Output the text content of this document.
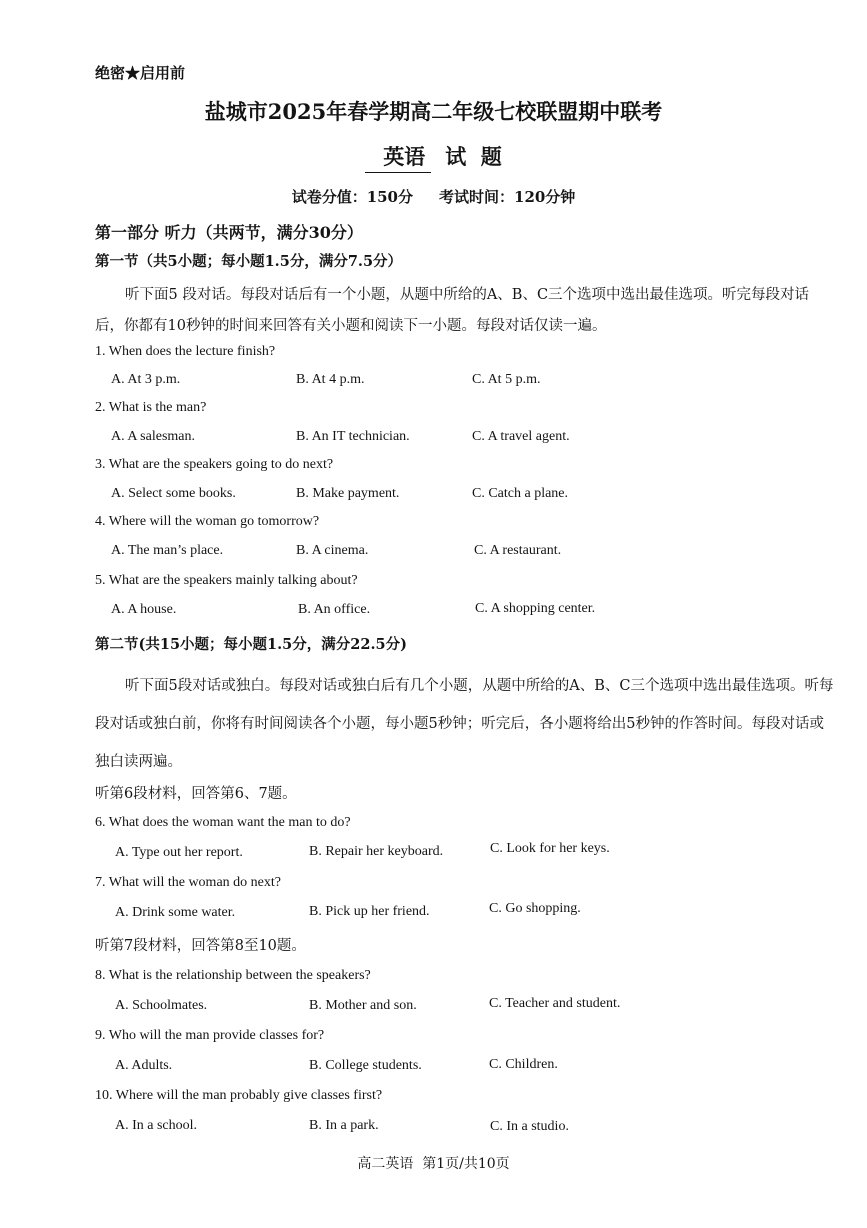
绝密★启用前
盐城市2025年春学期高二年级七校联盟期中联考
英语 试  题
试卷分值：150分 考试时间：120分钟
第一部分 听力（共两节，满分30分）
第一节（共5小题；每小题1.5分，满分7.5分）
听下面5 段对话。每段对话后有一个小题，从题中所给的A、B、C三个选项中选出最佳选项。听完每段对话后，你都有10秒钟的时间来回答有关小题和阅读下一小题。每段对话仅读一遍。
1. When does the lecture finish?
A. At 3 p.m.	B. At 4 p.m.	C. At 5 p.m.
2. What is the man?
A. A salesman.	B. An IT technician.	C. A travel agent.
3. What are the speakers going to do next?
A. Select some books.	B. Make payment.	C. Catch a plane.
4. Where will the woman go tomorrow?
A. The man’s place.	B. A cinema.	C. A restaurant.
5. What are the speakers mainly talking about?
A. A house.	B. An office.	C. A shopping center.
第二节(共15小题；每小题1.5分，满分22.5分)
听下面5段对话或独白。每段对话或独白后有几个小题，从题中所给的A、B、C三个选项中选出最佳选项。听每段对话或独白前，你将有时间阅读各个小题，每小题5秒钟；听完后，各小题将给出5秒钟的作答时间。每段对话或独白读两遍。
听第6段材料，回答第6、7题。
6. What does the woman want the man to do?
A. Type out her report.	B. Repair her keyboard.	C. Look for her keys.
7. What will the woman do next?
A. Drink some water.	B. Pick up her friend.	C. Go shopping.
听第7段材料，回答第8至10题。
8. What is the relationship between the speakers?
A. Schoolmates.	B. Mother and son.	C. Teacher and student.
9. Who will the man provide classes for?
A. Adults.	B. College students.	C. Children.
10. Where will the man probably give classes first?
A. In a school.	B. In a park.	C. In a studio.
高二英语  第1页/共10页
